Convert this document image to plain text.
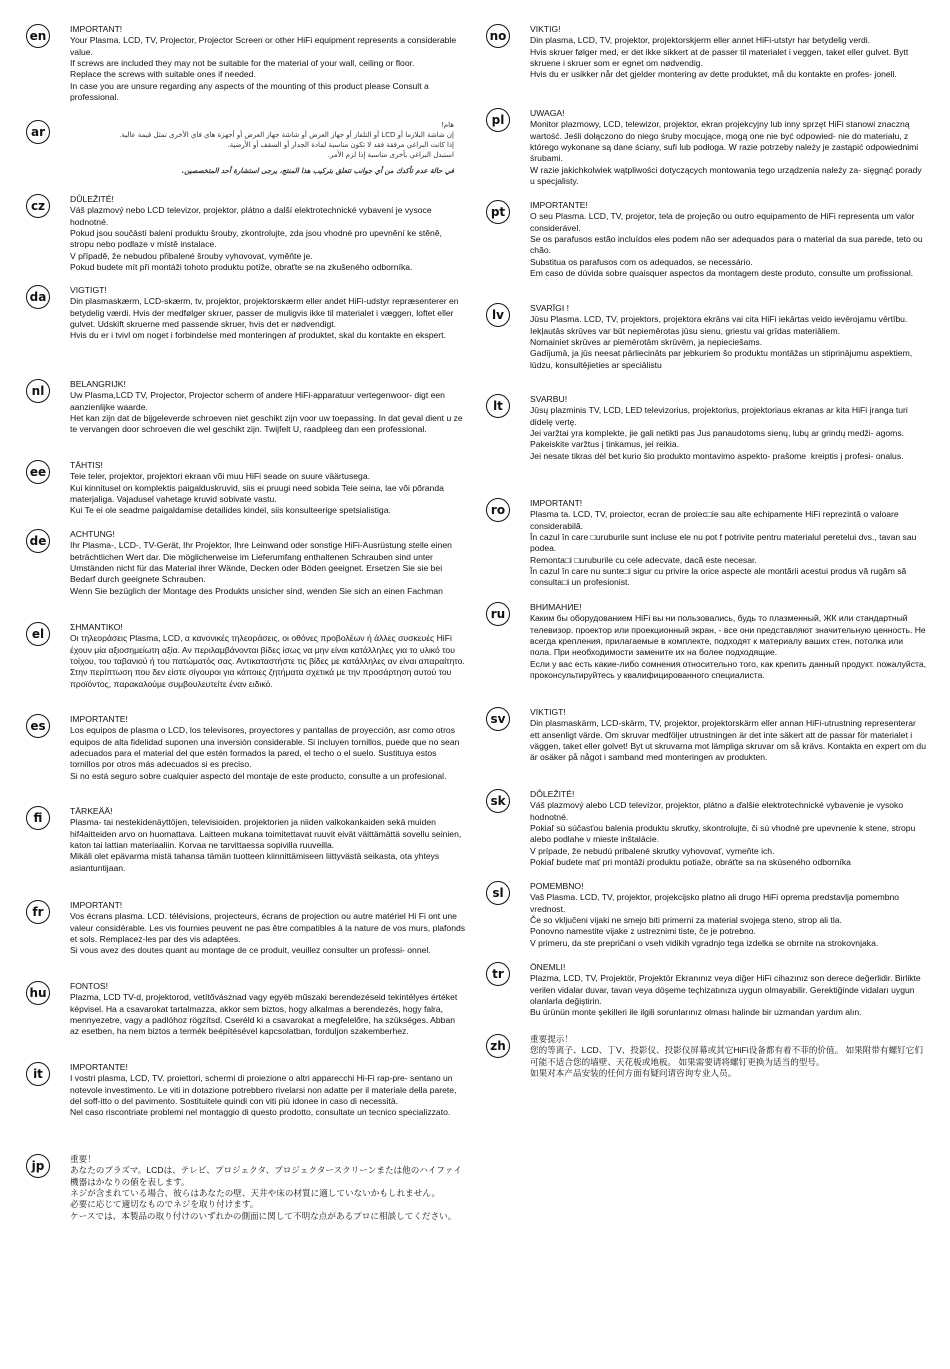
en	IMPORTANT!

Your Plasma. LCD, TV, Projector, Projector Screen or other HiFi equipment represents a considerable value.

If screws are included they may not be suitable for the material of your wall, ceiling or floor.

Replace the screws with suitable ones if needed.

In case you are unsure regarding any aspects of the mounting of this product please Consult a professional.

ar	هام!

إن شاشة البلازما أو LCD أو التلفاز أو جهاز العرض أو شاشة جهاز العرض أو أجهزة هاي فاي الأخرى تمثل قيمة عالية.

إذا كانت البراغي مرفقة فقد لا تكون مناسبة لمادة الجدار أو السقف أو الأرضية.

استبدل البراغي بأخرى مناسبة إذا لزم الأمر.

في حالة عدم تأكدك من أي جوانب تتعلق بتركيب هذا المنتج، يرجى استشارة أحد المتخصصين.

cz	DŮLEŽITÉ!

Váš plazmový nebo LCD televizor, projektor, plátno a další elektrotechnické vybavení je vysoce hodnotné.

Pokud jsou součástí balení produktu šrouby, zkontrolujte, zda jsou vhodné pro upevnění ke stěně, stropu nebo podlaze v místě instalace.

V případě, že nebudou přibalené šrouby vyhovovat, vyměňte je.

Pokud budete mít při montáži tohoto produktu potíže, obraťte se na zkušeného odborníka.

da	VIGTIGT!

Din plasmaskærm, LCD-skærm, tv, projektor, projektorskærm eller andet HiFi-udstyr repræsenterer en betydelig værdi. Hvis der medfølger skruer, passer de muligvis ikke til materialet i væggen, loftet eller gulvet. Udskift skruerne med passende skruer, hvis det er nødvendigt.

Hvis du er i tvivl om noget i forbindelse med monteringen af produktet, skal du kontakte en ekspert.

nl	BELANGRIJK!

Uw Plasma,LCD TV, Projector, Projector scherm of andere HiFi-apparatuur vertegenwoor- digt een aanzienlijke waarde.

Het kan zijn dat de bijgeleverde schroeven niet geschikt zijn voor uw toepassing. In dat geval dient u ze te vervangen door schroeven die wel geschikt zijn. Twijfelt U, raadpleeg dan een professional.

ee	TÄHTIS!

Teie teler, projektor, projektori ekraan või muu HiFi seade on suure väärtusega.

Kui kinnitusel on komplektis paigalduskruvid, siis ei pruugi need sobida Teie seina, lae või põranda materjaliga. Vajadusel vahetage kruvid sobivate vastu.

Kui Te ei ole seadme paigaldamise detailides kindel, siis konsulteerige spetsialistiga.

de	ACHTUNG!

Ihr Plasma-, LCD-, TV-Gerät, Ihr Projektor, Ihre Leinwand oder sonstige HiFi-Ausrüstung stelle einen beträchtlichen Wert dar. Die möglicherweise im Lieferumfang enthaltenen Schrauben sind unter Umständen nicht für das Material ihrer Wände, Decken oder Böden geeignet. Ersetzen Sie sie bei Bedarf durch geeignete Schrauben.

Wenn Sie bezüglich der Montage des Produkts unsicher sind, wenden Sie sich an einen Fachman

el	ΣΗΜΑΝΤΙΚΟ!

Οι τηλεοράσεις Plasma, LCD, α κανονικές τηλεοράσεις, οι οθόνες προβολέων ή άλλες συσκευές HiFi έχουν μία αξιοσημείωτη αξία. Αν περιλαμβάνονται βίδες ίσως να μην είναι κατάλληλες για το υλικό του τοίχου, του ταβανιού ή του πατώματός σας. Αντικαταστήστε τις βίδες με κατάλληλες αν είναι απαραίτητο.

Στην περίπτωση που δεν είστε σίγουροι για κάποιες ζητήματα σχετικά με την προσάρτηση αυτού του προϊόντος, παρακαλούμε συμβουλευτείτε έναν ειδικό.

es	IMPORTANTE!

Los equipos de plasma o LCD, los televisores, proyectores y pantallas de proyección, asr como otros equipos de alta fidelidad suponen una inversión considerable. Si incluyen tornillos, puede que no sean adecuados para el material del que estén formados la pared, el techo o el suelo. Sustituya estos tornillos por otros más adecuados si es preciso.

Si no está seguro sobre cualquier aspecto del montaje de este producto, consulte a un profesional.

fi	TÄRKEÄÄ!

Plasma- tai nestekidenäyttöjen, televisioiden. projektorien ja niiden valkokankaiden sekä muiden hif4aitteiden arvo on huomattava. Laitteen mukana toimitettavat ruuvit eivät väittämättä sovellu seinien, katon tai lattian materiaaliin. Korvaa ne tarvittaessa sopivilla ruuveilla.

Mikäli olet epävarma mistä tahansa tämän tuotteen kiinnittämiseen liittyvästä seikasta, ota yhteys asiantuntijaan.

fr	IMPORTANT!

Vos écrans plasma. LCD. télévisions, projecteurs, écrans de projection ou autre matériel Hi Fi ont une valeur considérable. Les vis fournies peuvent ne pas être compatibles à la nature de vos murs, plafonds et sols. Remplacez-les par des vis adaptées.

Si vous avez des doutes quant au montage de ce produit, veuillez consulter un professi- onnel.

hu	FONTOS!

Plazma, LCD TV-d, projektorod, vetítővásznad vagy egyéb műszaki berendezéseid tekintélyes értéket képvisel. Ha a csavarokat tartalmazza, akkor sem biztos, hogy alkalmas a berendezés, hogy falra, mennyezetre, vagy a padlóhoz rögzítsd. Cseréld ki a csavarokat a megfelelőre, ha szükséges. Abban az esetben, ha nem biztos a termék beépítésével kapcsolatban, forduljon szakemberhez.

it	IMPORTANTE!

I vostri plasma, LCD, TV. proiettori, schermi di proiezione o altri apparecchi Hi-Fi rap-pre- sentano un notevole investimento. Le viti in dotazione potrebbero rivelarsi non adatte per il materiale della parete, del soff-itto o del pavimento. Sostituitele quindi con viti più idonee in caso di necessità.

Nel caso riscontriate problemi nel montaggio di questo prodotto, consultate un tecnico specializzato.

jp	重要！

あなたのプラズマ。LCDは、テレビ、プロジェクタ、プロジェクタースクリーンまたは他のハイファイ機器はかなりの値を表します。

ネジが含まれている場合、彼らはあなたの壁、天井や床の材質に適していないかもしれません。

必要に応じて適切なものでネジを取り付けます。

ケースでは、本製品の取り付けのいずれかの側面に関して不明な点があるプロに相談してください。

no	VIKTIG!

Din plasma, LCD, TV, projektor, projektorskjerm eller annet HiFi-utstyr har betydelig verdi.

Hvis skruer følger med, er det ikke sikkert at de passer til materialet i veggen, taket eller gulvet. Bytt skruene i skruer som er egnet om nødvendig.

Hvis du er usikker når det gjelder montering av dette produktet, må du kontakte en profes- jonell.

pl	UWAGA!

Monitor plazmowy, LCD, telewizor, projektor, ekran projekcyjny lub inny sprzęt HiFi stanowi znaczną wartość. Jeśli dołączono do niego śruby mocujące, mogą one nie być odpowied- nie do materiału, z którego wykonane są dane ściany, sufi lub podłoga. W razie potrzeby należy je zastąpić odpowiednimi śrubami.

W razie jakichkolwiek wątpliwości dotyczących montowania tego urządzenia należy za- sięgnąć porady u specjalisty.

pt	IMPORTANTE!

O seu Plasma. LCD, TV, projetor, tela de projeção ou outro equipamento de HiFi representa um valor considerável.

Se os parafusos estão incluídos eles podem não ser adequados para o material da sua parede, teto ou chão.

Substitua os parafusos com os adequados, se necessário.

Em caso de dúvida sobre quaisquer aspectos da montagem deste produto, consulte um profissional.

lv	SVARĪGI !

Jūsu Plasma. LCD, TV, projektors, projektora ekrāns vai cita HiFi iekārtas veido ievērojamu vērtību.

Iekļautās skrūves var būt nepiemērotas jūsu sienu, griestu vai grīdas materiāliem.

Nomainiet skrūves ar piemērotām skrūvēm, ja nepieciešams.

Gadījumā, ja jūs neesat pārliecināts par jebkuriem šo produktu montāžas un stiprinājumu aspektiem, lūdzu, konsultējieties ar speciālistu

lt	SVARBU!

Jūsų plazminis TV, LCD, LED televizorius, projektorius, projektoriaus ekranas ar kita HiFi įranga turi didelę vertę.

Jei varžtai yra komplekte, jie gali netikti pas Jus panaudotoms sienų, lubų ar grindų medži- agoms.

Pakeiskite varžtus į tinkamus, jei reikia.

Jei nesate tikras dėl bet kurio šio produkto montavimo aspekto- prašome  kreiptis į profesi- onalus.

ro	IMPORTANT!

Plasma ta. LCD, TV, proiector, ecran de proiec□ie sau alte echipamente HiFi reprezintă o valoare considerabilă.

În cazul în care □uruburile sunt incluse ele nu pot f potrivite pentru materialul peretelui dvs., tavan sau podea.

Remonta□i □uruburile cu cele adecvate, dacă este necesar.

În cazul în care nu sunte□i sigur cu privire la orice aspecte ale montării acestui produs vă rugăm să consulta□i un profesionist.

ru	ВНИМАНИЕ!

Каким бы оборудованием HiFi вы ни пользовались, будь то плазменный, ЖК или стандартный телевизор. проектор или проекционный экран, - все они представляют значительную ценность. Не всегда крепления, прилагаемые в комплекте, подходят к материалу ваших стен, потолка или пола. При необходимости замените их на более подходящие.

Если у вас есть какие-либо сомнения относительно того, как крепить данный продукт. пожалуйста, проконсультируйтесь у квалифицированного специалиста.

sv	VIKTIGT!

Din plasmaskärm, LCD-skärm, TV, projektor, projektorskärm eller annan HiFi-utrustning representerar ett ansenligt värde. Om skruvar medföljer utrustningen är det inte säkert att de passar för materialet i väggen, taket eller golvet! Byt ut skruvarna mot lämpliga skruvar om så krävs. Kontakta en expert om du är osäker på något i samband med monteringen av produkten.

sk	DÔLEŽITÉ!

Váš plazmový alebo LCD televízor, projektor, plátno a ďalšie elektrotechnické vybavenie je vysoko hodnotné.

Pokiaľ sú súčasťou balenia produktu skrutky, skontrolujte, či sú vhodné pre upevnenie k stene, stropu alebo podlahe v mieste inštalácie.

V prípade, že nebudú pribalené skrutky vyhovovať, vymeňte ich.

Pokiaľ budete mať pri montáži produktu potiaže, obráťte sa na skúseného odborníka

sl	POMEMBNO!

Vaš Plasma. LCD, TV, projektor, projekcijsko platno ali drugo HiFi oprema predstavlja pomembno vrednost.

Če so vključeni vijaki ne smejo biti primerni za material svojega steno, strop ali tla.

Ponovno namestite vijake z ustreznimi tiste, če je potrebno.

V primeru, da ste prepričani o vseh vidikih vgradnjo tega izdelka se obrnite na strokovnjaka.

tr	ÖNEMLI!

Plazma, LCD, TV, Projektör, Projektör Ekranınız veya diğer HiFi cihazınız son derece değerlidir. Birlikte verilen vidalar duvar, tavan veya döşeme teçhizatınıza uygun olmayabilir. Gerektiğinde vidaları uygun olanlarla değiştirin.

Bu ürünün monte şekilleri ile ilgili sorunlarınız olması halinde bir uzmandan yardım alın.

zh	重要提示！

您的等离子、LCD、丁V、投影仪、投影仪屏幕或其它HiFi设备都有着不菲的价值。 如果附带有螺钉它们可能不适合您的墙壁、天花板或地板。 如果需要请将螺钉更换为适当的型号。

如果对本产品安装的任何方面有疑问请咨询专业人员。
